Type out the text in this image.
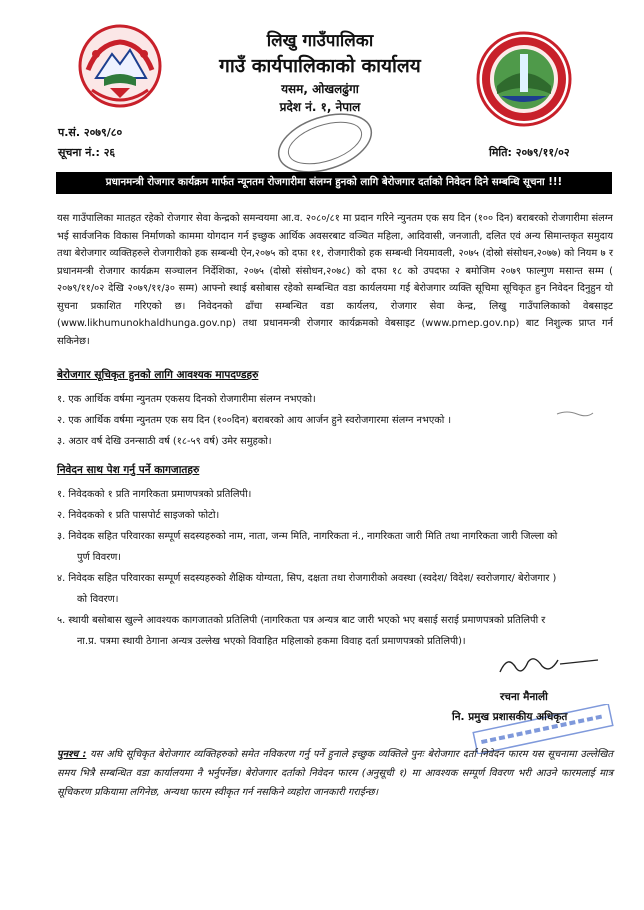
लिखु गाउँपालिका
गाउँ कार्यपालिकाको कार्यालय
यसम, ओखलढुंगा
प्रदेश नं. १, नेपाल
प.सं. २०७९/८०
सूचना नं.: २६	मिति: २०७९/११/०२
प्रधानमन्त्री रोजगार कार्यक्रम मार्फत न्यूनतम रोजगारीमा संलग्न हुनको लागि बेरोजगार दर्ताको निवेदन दिने सम्बन्धि सूचना !!!
यस गाउँपालिका मातहत रहेको रोजगार सेवा केन्द्रको समन्वयमा आ.व. २०८०/८१ मा प्रदान गरिने न्युनतम एक सय दिन (१०० दिन) बराबरको रोजगारीमा संलग्न भई सार्वजनिक विकास निर्माणको काममा योगदान गर्न इच्छुक आर्थिक अवसरबाट वञ्चित महिला, आदिवासी, जनजाती, दलित एवं अन्य सिमान्तकृत समुदाय तथा बेरोजगार व्यक्तिहरुले रोजगारीको हक सम्बन्धी ऐन,२०७५ को दफा ११, रोजगारीको हक सम्बन्धी नियमावली, २०७५ (दोस्रो संसोधन,२०७७) को नियम ७ र प्रधानमन्त्री रोजगार कार्यक्रम सञ्चालन निर्देशिका, २०७५ (दोस्रो संसोधन,२०७८) को दफा १८ को उपदफा २ बमोजिम २०७९ फाल्गुण मसान्त सम्म ( २०७९/११/०२ देखि २०७९/११/३० सम्म) आफ्नो स्थाई बसोबास रहेको सम्बन्धित वडा कार्यलयमा गई बेरोजगार व्यक्ति सूचिमा सूचिकृत हुन निवेदन दिनुहुन यो सुचना प्रकाशित गरिएको छ। निवेदनको ढाँचा सम्बन्धित वडा कार्यलय, रोजगार सेवा केन्द्र, लिखु गाउँपालिकाको वेबसाइट (www.likhumunokhaldhunga.gov.np) तथा प्रधानमन्त्री रोजगार कार्यक्रमको वेबसाइट (www.pmep.gov.np) बाट निशुल्क प्राप्त गर्न सकिनेछ।
बेरोजगार सूचिकृत हुनको लागि आवश्यक मापदण्डहरु
१. एक आर्थिक वर्षमा न्युनतम एकसय दिनको रोजगारीमा संलग्न नभएको।
२. एक आर्थिक वर्षमा न्युनतम एक सय दिन (१००दिन) बराबरको आय आर्जन हुने स्वरोजगारमा संलग्न नभएको ।
३. अठार वर्ष देखि उनन्साठी वर्ष (१८-५९ वर्ष) उमेर समुहको।
निवेदन साथ पेश गर्नु पर्ने कागजातहरु
१. निवेदकको १ प्रति नागरिकता प्रमाणपत्रको प्रतिलिपी।
२. निवेदकको १ प्रति पासपोर्ट साइजको फोटो।
३. निवेदक सहित परिवारका सम्पूर्ण सदस्यहरुको नाम, नाता, जन्म मिति, नागरिकता नं., नागरिकता जारी मिति तथा नागरिकता जारी जिल्ला को
पुर्ण विवरण।
४. निवेदक सहित परिवारका सम्पूर्ण सदस्यहरुको शैक्षिक योग्यता, सिप, दक्षता तथा रोजगारीको अवस्था (स्वदेश/ विदेश/ स्वरोजगार/ बेरोजगार )
को विवरण।
५. स्थायी बसोबास खुल्ने आवश्यक कागजातको प्रतिलिपी (नागरिकता पत्र अन्यत्र बाट जारी भएको भए बसाई सराई प्रमाणपत्रको प्रतिलिपी र
ना.प्र. पत्रमा स्थायी ठेगाना अन्यत्र उल्लेख भएको विवाहित महिलाको हकमा विवाह दर्ता प्रमाणपत्रको प्रतिलिपी)।
रचना मैनाली
नि. प्रमुख प्रशासकीय अधिकृत
पुनश्च : यस अघि सूचिकृत बेरोजगार व्यक्तिहरुको समेत नविकरण गर्नु पर्ने हुनाले इच्छुक व्यक्तिले पुनः बेरोजगार दर्ता निवेदन फारम यस सूचनामा उल्लेखित समय भित्रै सम्बन्धित वडा कार्यालयमा नै भर्नुपर्नेछ। बेरोजगार दर्ताको निवेदन फारम (अनुसूची १) मा आवश्यक सम्पूर्ण विवरण भरी आउने फारमलाई मात्र सूचिकरण प्रकियामा लगिनेछ, अन्यथा फारम स्वीकृत गर्न नसकिने व्यहोरा जानकारी गराईन्छ।
